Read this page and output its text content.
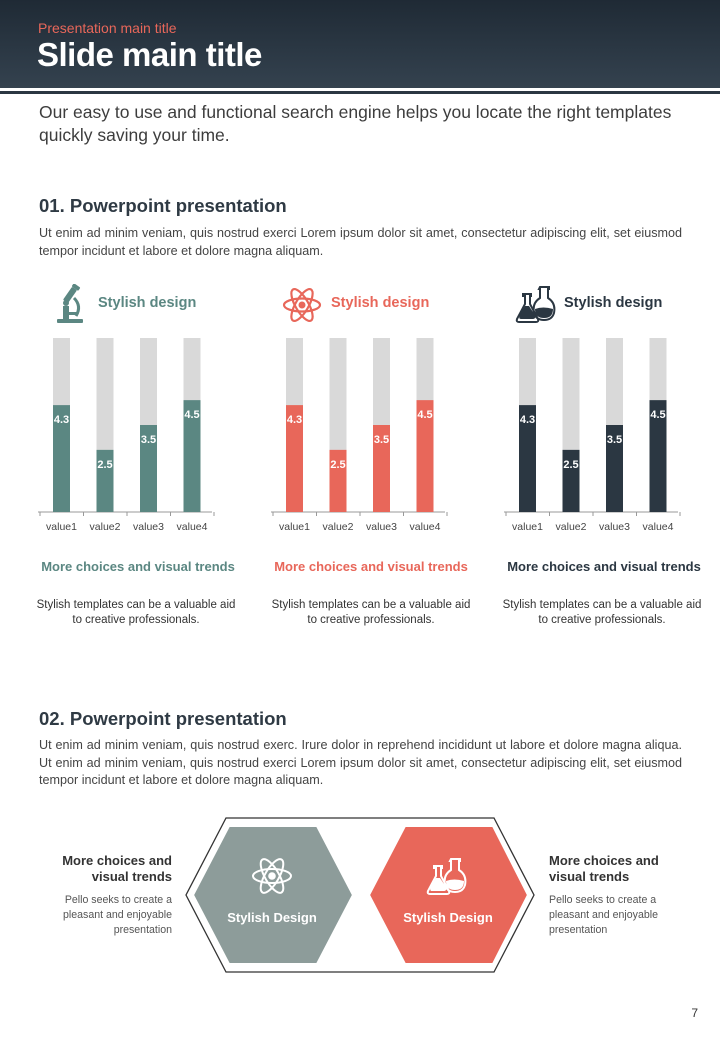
Presentation main title
Slide main title
Our easy to use and functional search engine helps you locate the right templates quickly saving your time.
01. Powerpoint presentation
Ut enim ad minim veniam, quis nostrud exerci Lorem ipsum dolor sit amet, consectetur adipiscing elit, set eiusmod tempor incidunt et labore et dolore magna aliquam.
Stylish design
4.3
value1
2.5
value2
3.5
value3
4.5
value4
More choices and visual trends
Stylish templates can be a valuable aid to creative professionals.
Stylish design
4.3
value1
2.5
value2
3.5
value3
4.5
value4
More choices and visual trends
Stylish templates can be a valuable aid to creative professionals.
Stylish design
4.3
value1
2.5
value2
3.5
value3
4.5
value4
More choices and visual trends
Stylish templates can be a valuable aid to creative professionals.
02. Powerpoint presentation
Ut enim ad minim veniam, quis nostrud exerc. Irure dolor in reprehend incididunt ut labore et dolore magna aliqua. Ut enim ad minim veniam, quis nostrud exerci Lorem ipsum dolor sit amet, consectetur adipiscing elit, set eiusmod tempor incidunt et labore et dolore magna aliquam.
More choices and visual trends
Pello seeks to create a pleasant and enjoyable presentation
Stylish Design	Stylish Design
More choices and visual trends
Pello seeks to create a pleasant and enjoyable presentation
7
